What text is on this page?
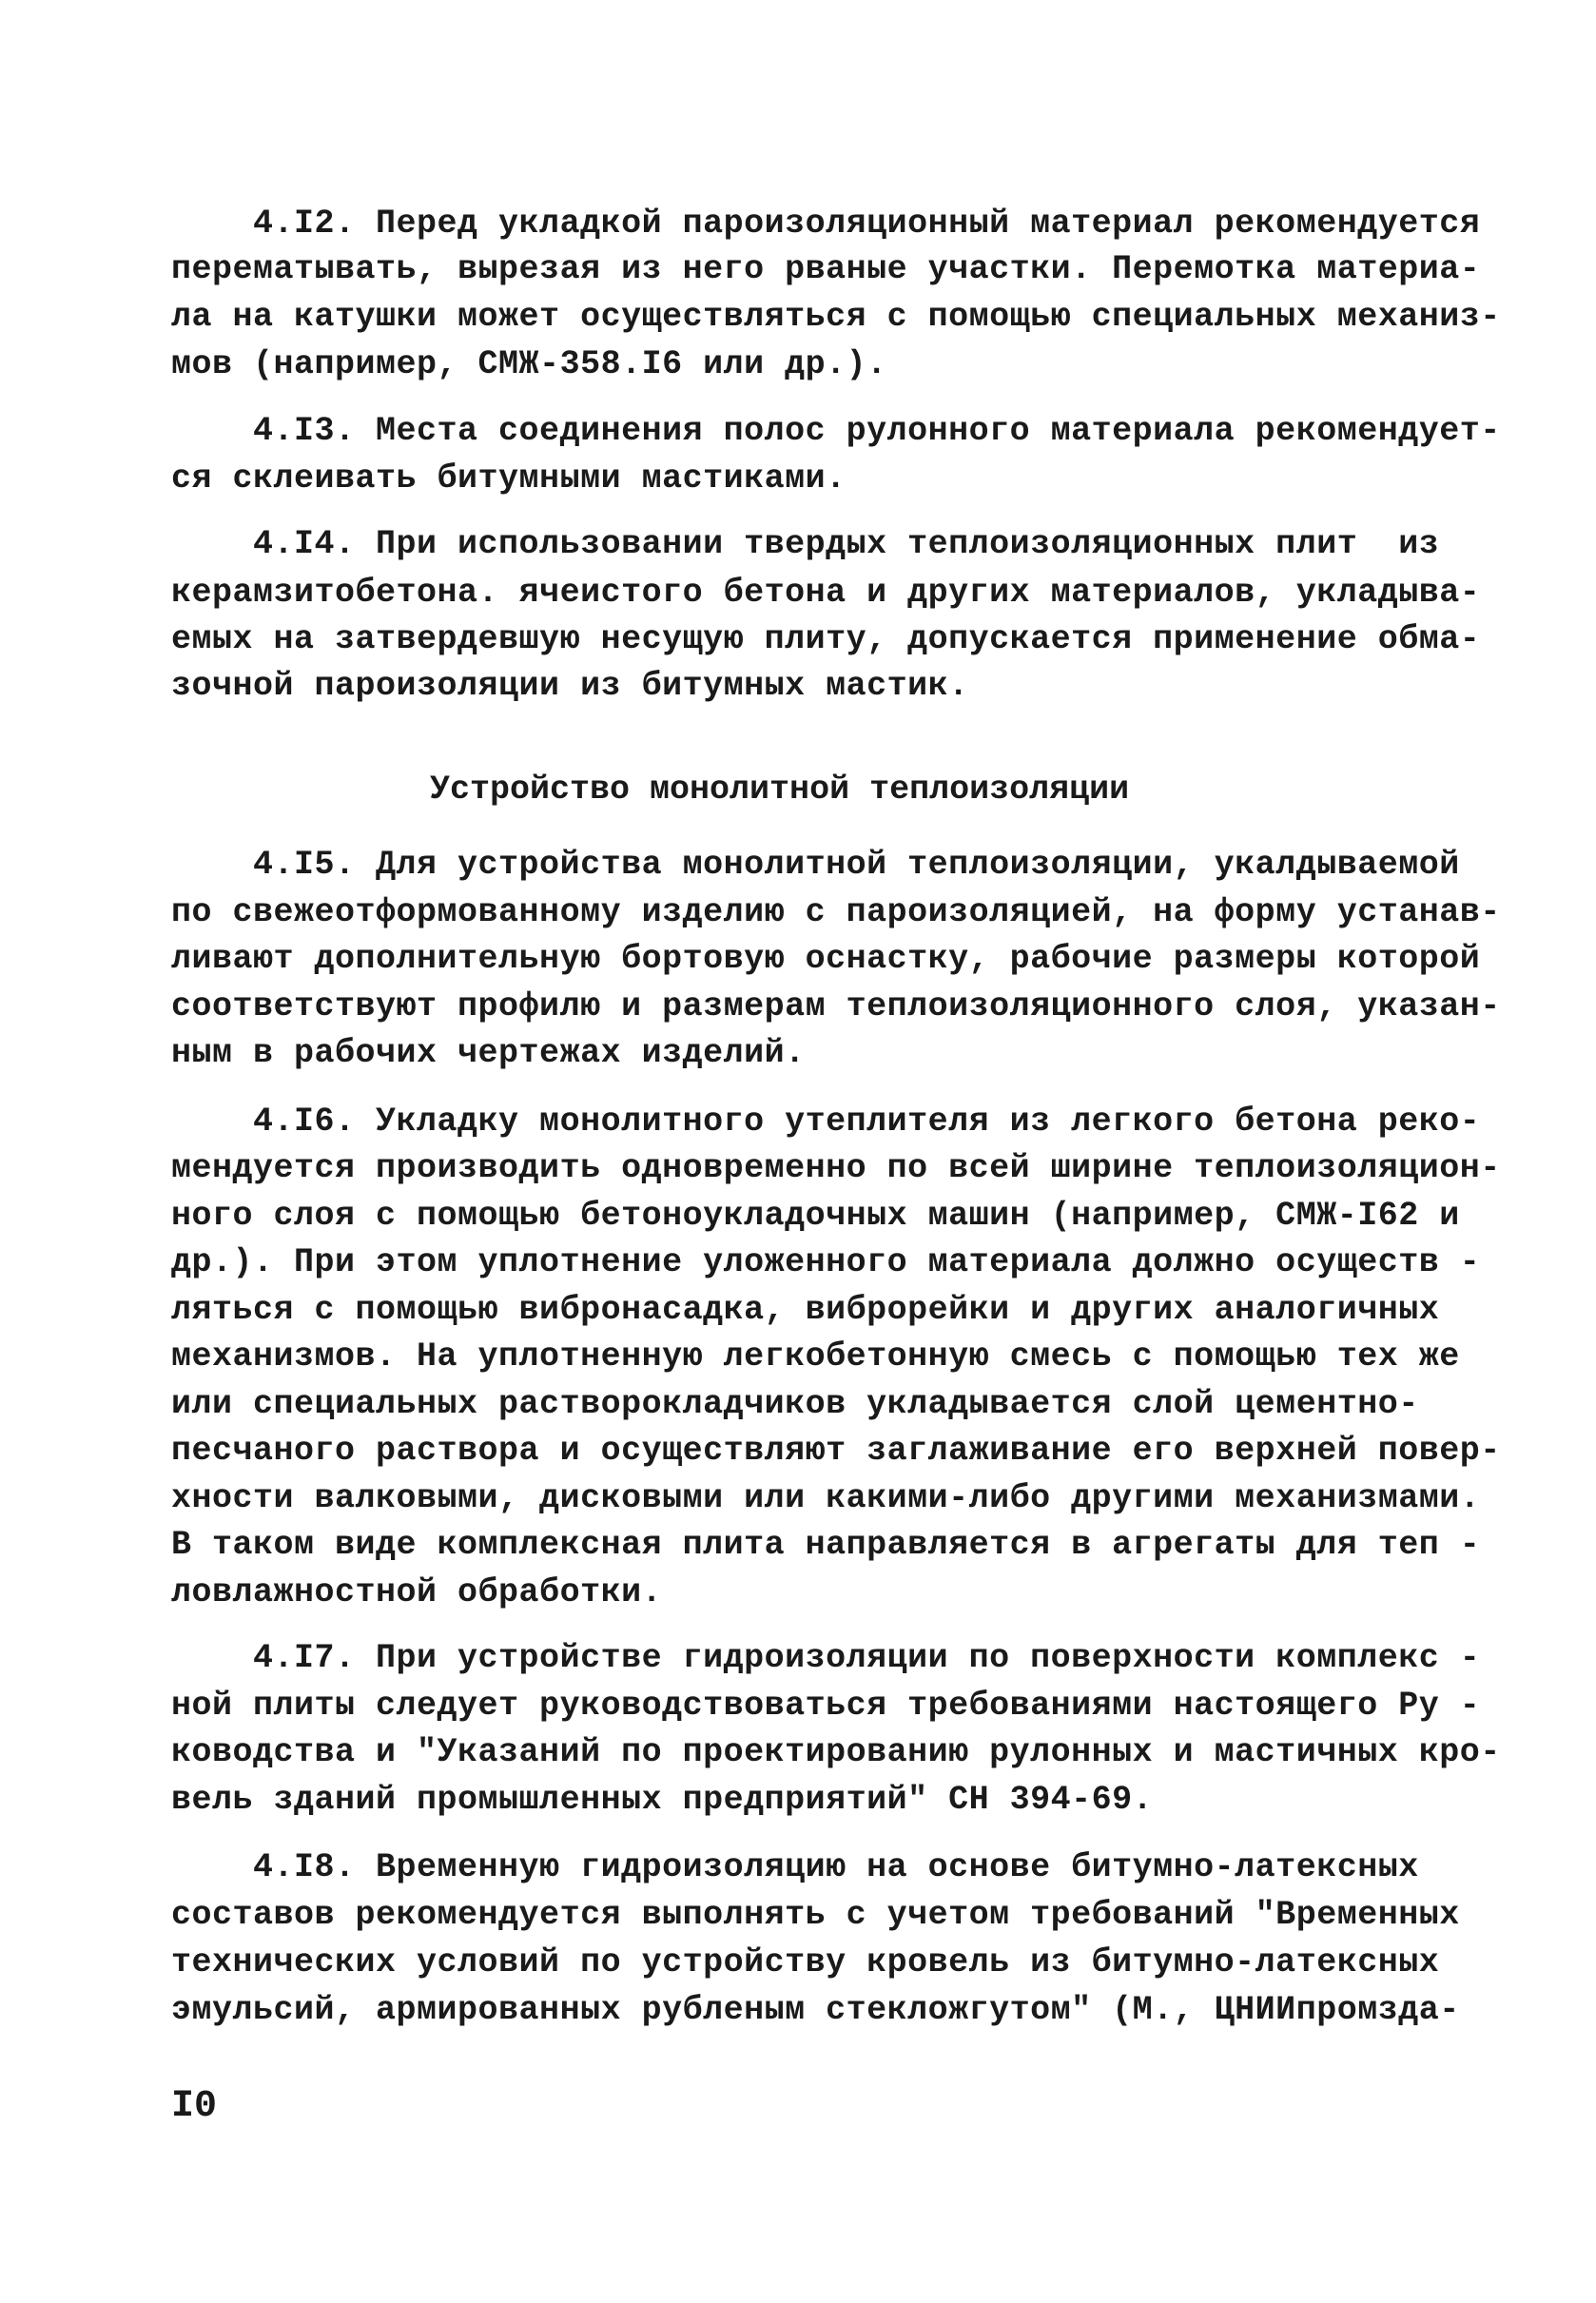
4.I2. Перед укладкой пароизоляционный материал рекомендуется
перематывать, вырезая из него рваные участки. Перемотка материа-
ла на катушки может осуществляться с помощью специальных механиз-
мов (например, СМЖ-358.I6 или др.).
4.I3. Места соединения полос рулонного материала рекомендует-
ся склеивать битумными мастиками.
4.I4. При использовании твердых теплоизоляционных плит  из
керамзитобетона. ячеистого бетона и других материалов, укладыва-
емых на затвердевшую несущую плиту, допускается применение обма-
зочной пароизоляции из битумных мастик.
Устройство монолитной теплоизоляции
4.I5. Для устройства монолитной теплоизоляции, укалдываемой
по свежеотформованному изделию с пароизоляцией, на форму устанав-
ливают дополнительную бортовую оснастку, рабочие размеры которой
соответствуют профилю и размерам теплоизоляционного слоя, указан-
ным в рабочих чертежах изделий.
4.I6. Укладку монолитного утеплителя из легкого бетона реко-
мендуется производить одновременно по всей ширине теплоизоляцион-
ного слоя с помощью бетоноукладочных машин (например, СМЖ-I62 и
др.). При этом уплотнение уложенного материала должно осуществ -
ляться с помощью вибронасадка, виброрейки и других аналогичных
механизмов. На уплотненную легкобетонную смесь с помощью тех же
или специальных растворокладчиков укладывается слой цементно-
песчаного раствора и осуществляют заглаживание его верхней повер-
хности валковыми, дисковыми или какими-либо другими механизмами.
В таком виде комплексная плита направляется в агрегаты для теп -
ловлажностной обработки.
4.I7. При устройстве гидроизоляции по поверхности комплекс -
ной плиты следует руководствоваться требованиями настоящего Ру -
ководства и "Указаний по проектированию рулонных и мастичных кро-
вель зданий промышленных предприятий" СН 394-69.
4.I8. Временную гидроизоляцию на основе битумно-латексных
составов рекомендуется выполнять с учетом требований "Временных
технических условий по устройству кровель из битумно-латексных
эмульсий, армированных рубленым стекложгутом" (М., ЦНИИпромзда-
I0
